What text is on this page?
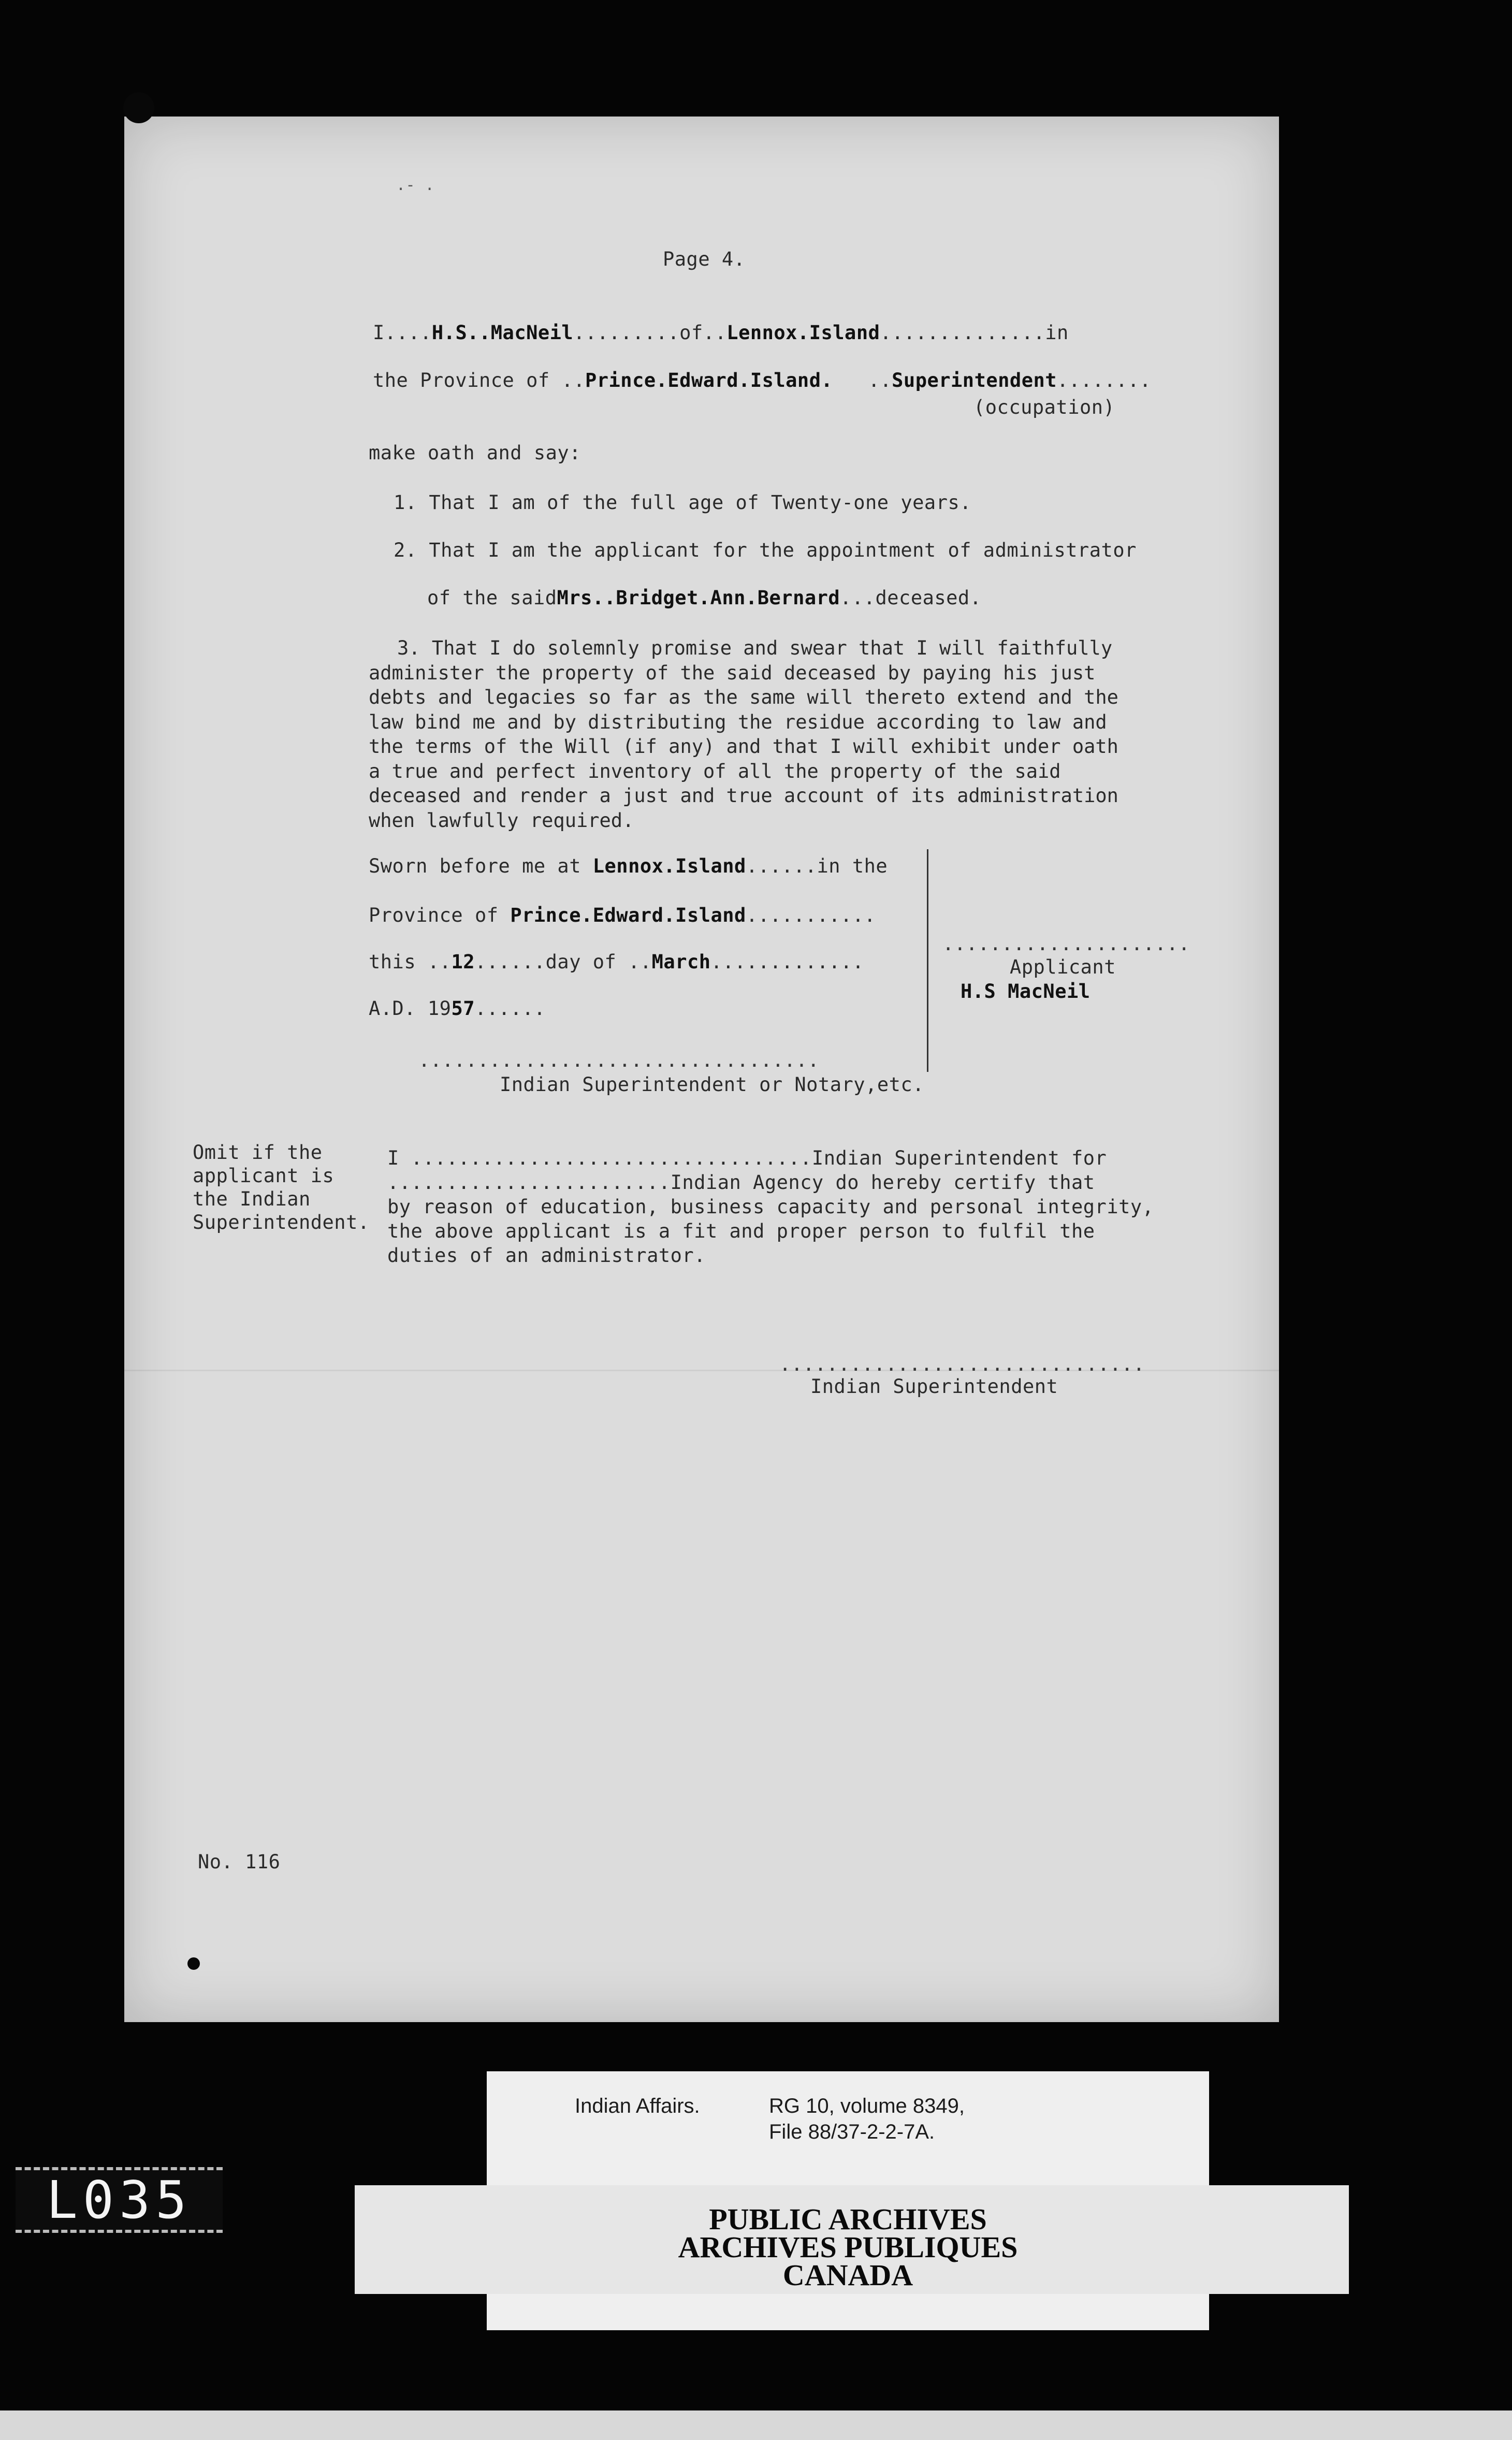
.- .
Page 4.
I....H.S..MacNeil.........of..Lennox.Island..............in
the Province of ..Prince.Edward.Island.   ..Superintendent........
(occupation)
make oath and say:
1. That I am of the full age of Twenty-one years.
2. That I am the applicant for the appointment of administrator
of the saidMrs..Bridget.Ann.Bernard...deceased.
3. That I do solemnly promise and swear that I will faithfully
administer the property of the said deceased by paying his just
debts and legacies so far as the same will thereto extend and the
law bind me and by distributing the residue according to law and
the terms of the Will (if any) and that I will exhibit under oath
a true and perfect inventory of all the property of the said
deceased and render a just and true account of its administration
when lawfully required.
Sworn before me at Lennox.Island......in the
Province of Prince.Edward.Island...........
this ..12......day of ..March.............
A.D. 1957......
..................................
Indian Superintendent or Notary,etc.
.....................
Applicant
H.S MacNeil
Omit if the
applicant is
the Indian
Superintendent.
I ..................................Indian Superintendent for
........................Indian Agency do hereby certify that
by reason of education, business capacity and personal integrity,
the above applicant is a fit and proper person to fulfil the
duties of an administrator.
...............................
Indian Superintendent
No. 116
Indian Affairs.	RG 10, volume 8349,
File 88/37-2-2-7A.
PUBLIC ARCHIVES
ARCHIVES PUBLIQUES
CANADA
L035
